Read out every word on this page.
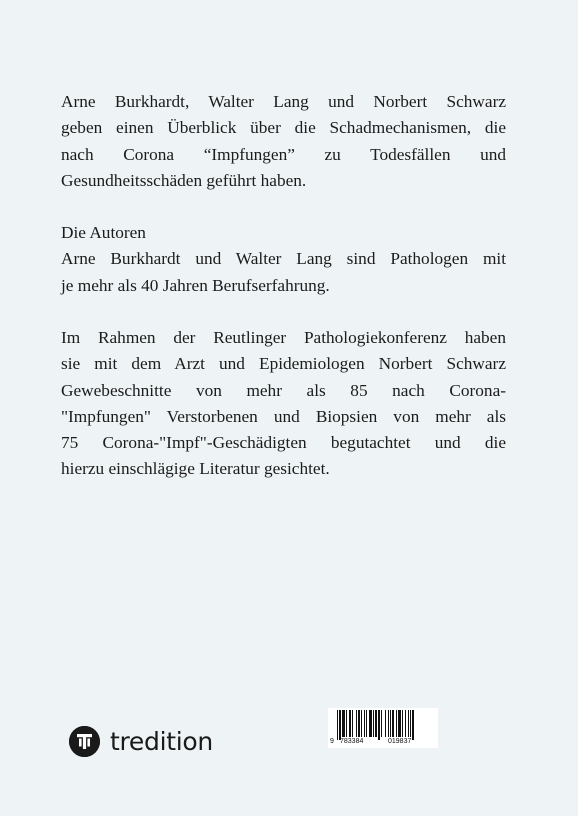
Arne Burkhardt, Walter Lang und Norbert Schwarz

geben einen Überblick über die Schadmechanismen, die

nach Corona “Impfungen” zu Todesfällen und

Gesundheitsschäden geführt haben.

Die Autoren

Arne Burkhardt und Walter Lang sind Pathologen mit

je mehr als 40 Jahren Berufserfahrung.

Im Rahmen der Reutlinger Pathologiekonferenz haben

sie mit dem Arzt und Epidemiologen Norbert Schwarz

Gewebeschnitte von mehr als 85 nach Corona-

"Impfungen" Verstorbenen und Biopsien von mehr als

75 Corona-"Impf"-Geschädigten begutachtet und die

hierzu einschlägige Literatur gesichtet.

tredition	9 783384	019837
